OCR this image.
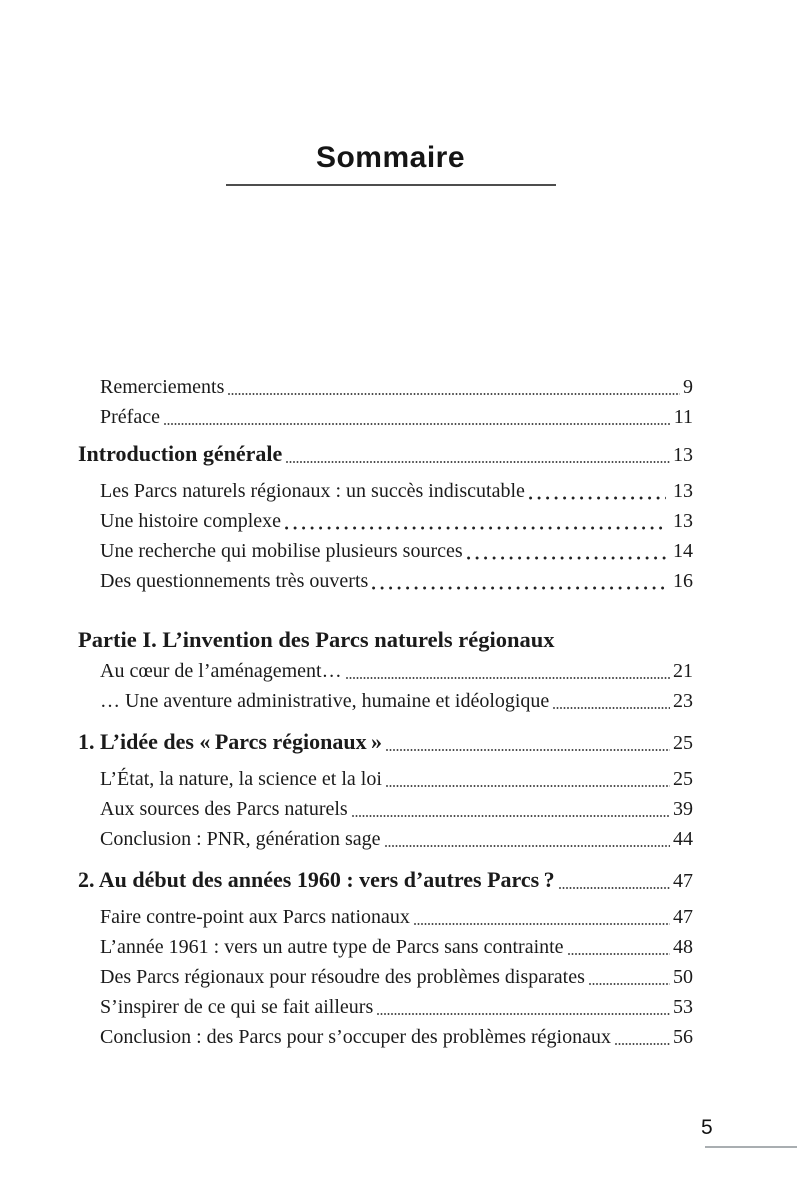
Sommaire
Remerciements	9
Préface	11
Introduction générale	13
Les Parcs naturels régionaux : un succès indiscutable	13
Une histoire complexe	13
Une recherche qui mobilise plusieurs sources	14
Des questionnements très ouverts	16
Partie I. L’invention des Parcs naturels régionaux
Au cœur de l’aménagement…	21
… Une aventure administrative, humaine et idéologique	23
1. L’idée des « Parcs régionaux »	25
L’État, la nature, la science et la loi	25
Aux sources des Parcs naturels	39
Conclusion : PNR, génération sage	44
2. Au début des années 1960 : vers d’autres Parcs ?	47
Faire contre-point aux Parcs nationaux	47
L’année 1961 : vers un autre type de Parcs sans contrainte	48
Des Parcs régionaux pour résoudre des problèmes disparates	50
S’inspirer de ce qui se fait ailleurs	53
Conclusion : des Parcs pour s’occuper des problèmes régionaux	56
5
